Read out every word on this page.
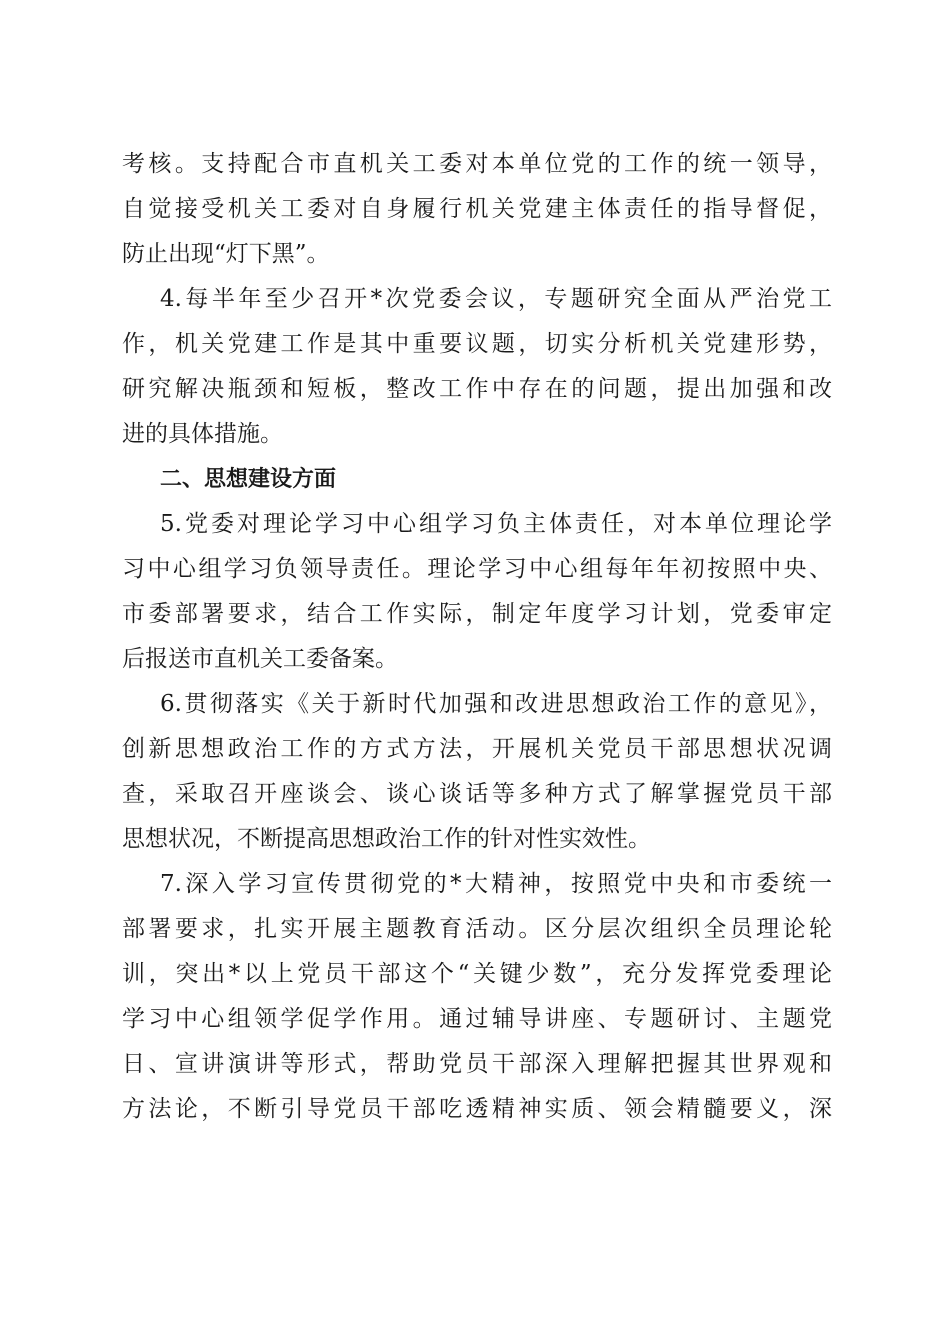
考核。支持配合市直机关工委对本单位党的工作的统一领导，
自觉接受机关工委对自身履行机关党建主体责任的指导督促，
防止出现“灯下黑”。
4.每半年至少召开*次党委会议，专题研究全面从严治党工
作，机关党建工作是其中重要议题，切实分析机关党建形势，
研究解决瓶颈和短板，整改工作中存在的问题，提出加强和改
进的具体措施。
二、思想建设方面
5.党委对理论学习中心组学习负主体责任，对本单位理论学
习中心组学习负领导责任。理论学习中心组每年年初按照中央、
市委部署要求，结合工作实际，制定年度学习计划，党委审定
后报送市直机关工委备案。
6.贯彻落实《关于新时代加强和改进思想政治工作的意见》，
创新思想政治工作的方式方法，开展机关党员干部思想状况调
查，采取召开座谈会、谈心谈话等多种方式了解掌握党员干部
思想状况，不断提高思想政治工作的针对性实效性。
7.深入学习宣传贯彻党的*大精神，按照党中央和市委统一
部署要求，扎实开展主题教育活动。区分层次组织全员理论轮
训，突出*以上党员干部这个“关键少数”，充分发挥党委理论
学习中心组领学促学作用。通过辅导讲座、专题研讨、主题党
日、宣讲演讲等形式，帮助党员干部深入理解把握其世界观和
方法论，不断引导党员干部吃透精神实质、领会精髓要义，深
